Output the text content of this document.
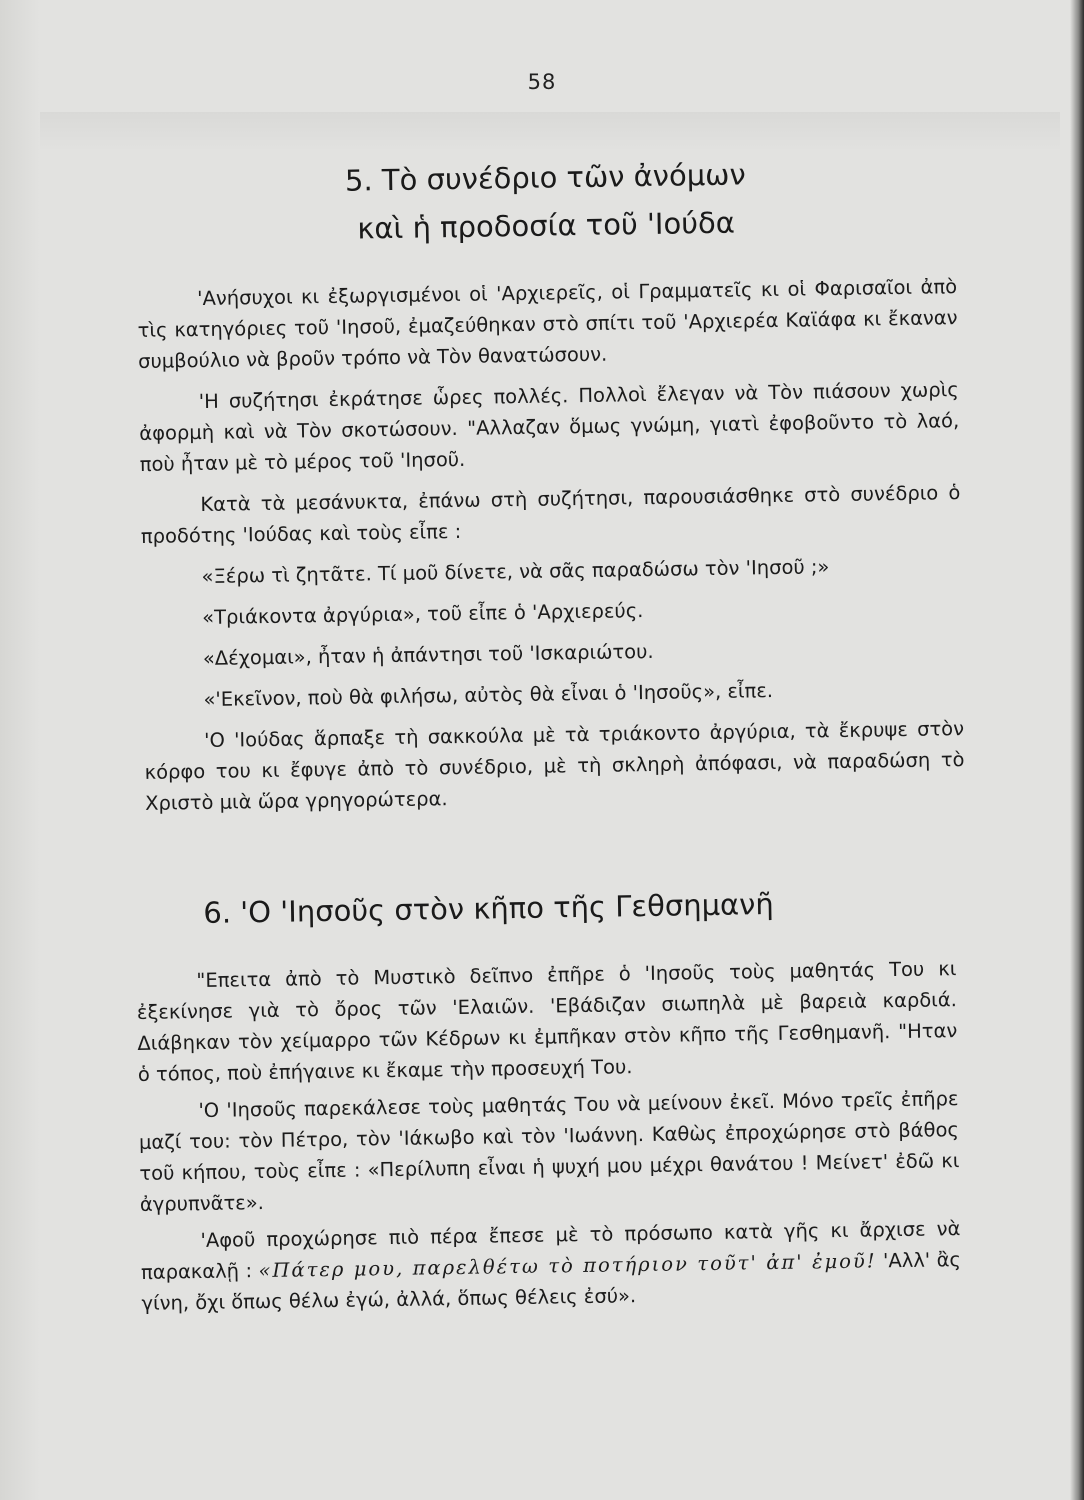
58
5. Τὸ συνέδριο τῶν ἀνόμων
καὶ ἡ προδοσία τοῦ 'Ιούδα

'Ανήσυχοι κι ἐξωργισμένοι οἱ 'Αρχιερεῖς, οἱ Γραμματεῖς κι οἱ Φαρισαῖοι ἀπὸ τὶς κατηγόριες τοῦ 'Ιησοῦ, ἐμαζεύθηκαν στὸ σπίτι τοῦ 'Αρχιερέα Καϊάφα κι ἔκαναν συμβούλιο νὰ βροῦν τρόπο νὰ Τὸν θανατώσουν.

'Η συζήτησι ἐκράτησε ὧρες πολλές. Πολλοὶ ἔλεγαν νὰ Τὸν πιάσουν χωρὶς ἀφορμὴ καὶ νὰ Τὸν σκοτώσουν. "Αλλαζαν ὅμως γνώμη, γιατὶ ἐφοβοῦντο τὸ λαό, ποὺ ἦταν μὲ τὸ μέρος τοῦ 'Ιησοῦ.

Κατὰ τὰ μεσάνυκτα, ἐπάνω στὴ συζήτησι, παρουσιάσθηκε στὸ συνέδριο ὁ προδότης 'Ιούδας καὶ τοὺς εἶπε :

«Ξέρω τὶ ζητᾶτε. Τί μοῦ δίνετε, νὰ σᾶς παραδώσω τὸν 'Ιησοῦ ;»

«Τριάκοντα ἀργύρια», τοῦ εἶπε ὁ 'Αρχιερεύς.

«Δέχομαι», ἦταν ἡ ἀπάντησι τοῦ 'Ισκαριώτου.

«'Εκεῖνον, ποὺ θὰ φιλήσω, αὐτὸς θὰ εἶναι ὁ 'Ιησοῦς», εἶπε.

'Ο 'Ιούδας ἅρπαξε τὴ σακκούλα μὲ τὰ τριάκοντο ἀργύρια, τὰ ἔκρυψε στὸν κόρφο του κι ἔφυγε ἀπὸ τὸ συνέδριο, μὲ τὴ σκληρὴ ἀπόφασι, νὰ παραδώση τὸ Χριστὸ μιὰ ὥρα γρηγορώτερα.

6. 'Ο 'Ιησοῦς στὸν κῆπο τῆς Γεθσημανῆ

"Επειτα ἀπὸ τὸ Μυστικὸ δεῖπνο ἐπῆρε ὁ 'Ιησοῦς τοὺς μαθητάς Του κι ἐξεκίνησε γιὰ τὸ ὄρος τῶν 'Ελαιῶν. 'Εβάδιζαν σιωπηλὰ μὲ βαρειὰ καρδιά. Διάβηκαν τὸν χείμαρρο τῶν Κέδρων κι ἐμπῆκαν στὸν κῆπο τῆς Γεσθημανῆ. "Ηταν ὁ τόπος, ποὺ ἐπήγαινε κι ἔκαμε τὴν προσευχή Του.

'Ο 'Ιησοῦς παρεκάλεσε τοὺς μαθητάς Του νὰ μείνουν ἐκεῖ. Μόνο τρεῖς ἐπῆρε μαζί του: τὸν Πέτρο, τὸν 'Ιάκωβο καὶ τὸν 'Ιωάννη. Καθὼς ἐπροχώρησε στὸ βάθος τοῦ κήπου, τοὺς εἶπε : «Περίλυπη εἶναι ἡ ψυχή μου μέχρι θανάτου ! Μείνετ' ἐδῶ κι ἀγρυπνᾶτε».

'Αφοῦ προχώρησε πιὸ πέρα ἔπεσε μὲ τὸ πρόσωπο κατὰ γῆς κι ἄρχισε νὰ παρακαλῇ : «Πάτερ μου, παρελθέτω τὸ ποτήριον τοῦτ' ἀπ' ἐμοῦ! 'Αλλ' ἂς γίνη, ὄχι ὅπως θέλω ἐγώ, ἀλλά, ὅπως θέλεις ἐσύ».
